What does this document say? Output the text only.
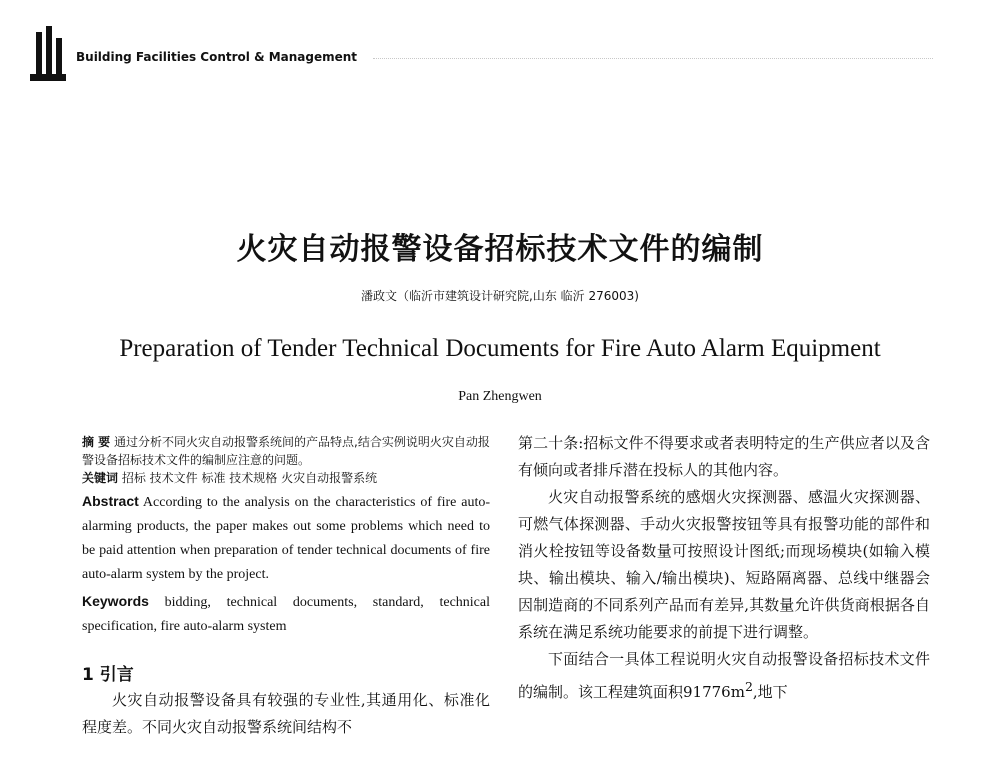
Building Facilities Control & Management
火灾自动报警设备招标技术文件的编制
潘政文（临沂市建筑设计研究院,山东 临沂 276003)
Preparation of Tender Technical Documents for Fire Auto Alarm Equipment
Pan Zhengwen
摘 要 通过分析不同火灾自动报警系统间的产品特点,结合实例说明火灾自动报警设备招标技术文件的编制应注意的问题。
关键词 招标 技术文件 标准 技术规格 火灾自动报警系统
Abstract According to the analysis on the characteristics of fire auto-alarming products, the paper makes out some problems which need to be paid attention when preparation of tender technical documents of fire auto-alarm system by the project.
Keywords bidding, technical documents, standard, technical specification, fire auto-alarm system
1 引言

火灾自动报警设备具有较强的专业性,其通用化、标准化程度差。不同火灾自动报警系统间结构不

第二十条:招标文件不得要求或者表明特定的生产供应者以及含有倾向或者排斥潜在投标人的其他内容。

火灾自动报警系统的感烟火灾探测器、感温火灾探测器、可燃气体探测器、手动火灾报警按钮等具有报警功能的部件和消火栓按钮等设备数量可按照设计图纸;而现场模块(如输入模块、输出模块、输入/输出模块)、短路隔离器、总线中继器会因制造商的不同系列产品而有差异,其数量允许供货商根据各自系统在满足系统功能要求的前提下进行调整。

下面结合一具体工程说明火灾自动报警设备招标技术文件的编制。该工程建筑面积$91776m^2$,地下
